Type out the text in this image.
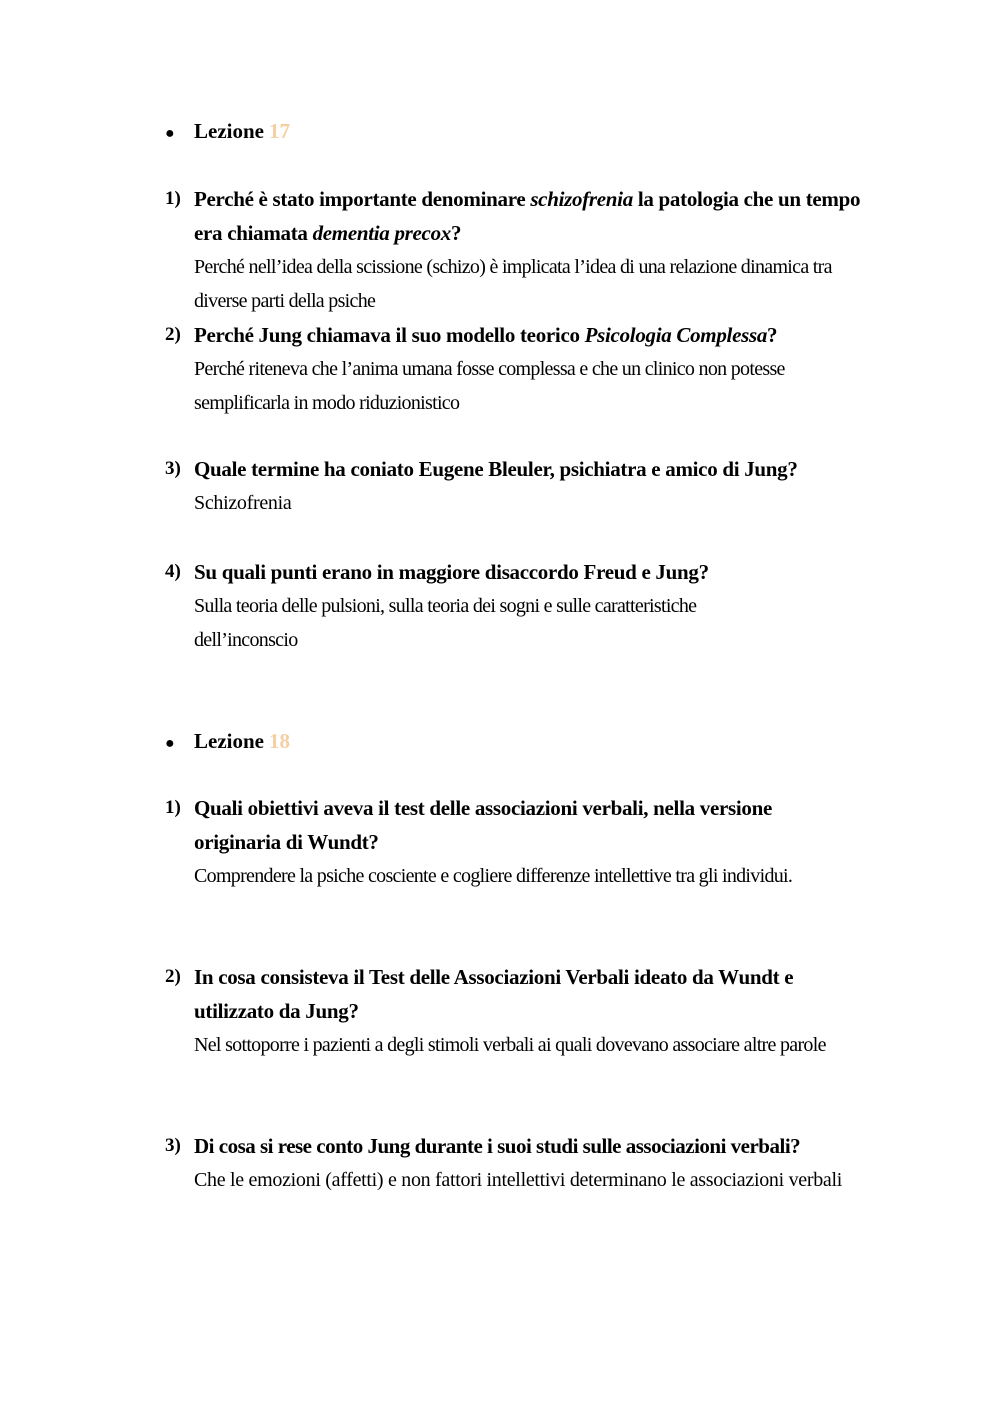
● Lezione 17
1) Perché è stato importante denominare schizofrenia la patologia che un tempo era chiamata dementia precox?
Perché nell’idea della scissione (schizo) è implicata l’idea di una relazione dinamica tra diverse parti della psiche
2) Perché Jung chiamava il suo modello teorico Psicologia Complessa?
Perché riteneva che l’anima umana fosse complessa e che un clinico non potesse semplificarla in modo riduzionistico
3) Quale termine ha coniato Eugene Bleuler, psichiatra e amico di Jung?
Schizofrenia
4) Su quali punti erano in maggiore disaccordo Freud e Jung?
Sulla teoria delle pulsioni, sulla teoria dei sogni e sulle caratteristiche dell’inconscio
● Lezione 18
1) Quali obiettivi aveva il test delle associazioni verbali, nella versione originaria di Wundt?
Comprendere la psiche cosciente e cogliere differenze intellettive tra gli individui.
2) In cosa consisteva il Test delle Associazioni Verbali ideato da Wundt e utilizzato da Jung?
Nel sottoporre i pazienti a degli stimoli verbali ai quali dovevano associare altre parole
3) Di cosa si rese conto Jung durante i suoi studi sulle associazioni verbali?
Che le emozioni (affetti) e non fattori intellettivi determinano le associazioni verbali
